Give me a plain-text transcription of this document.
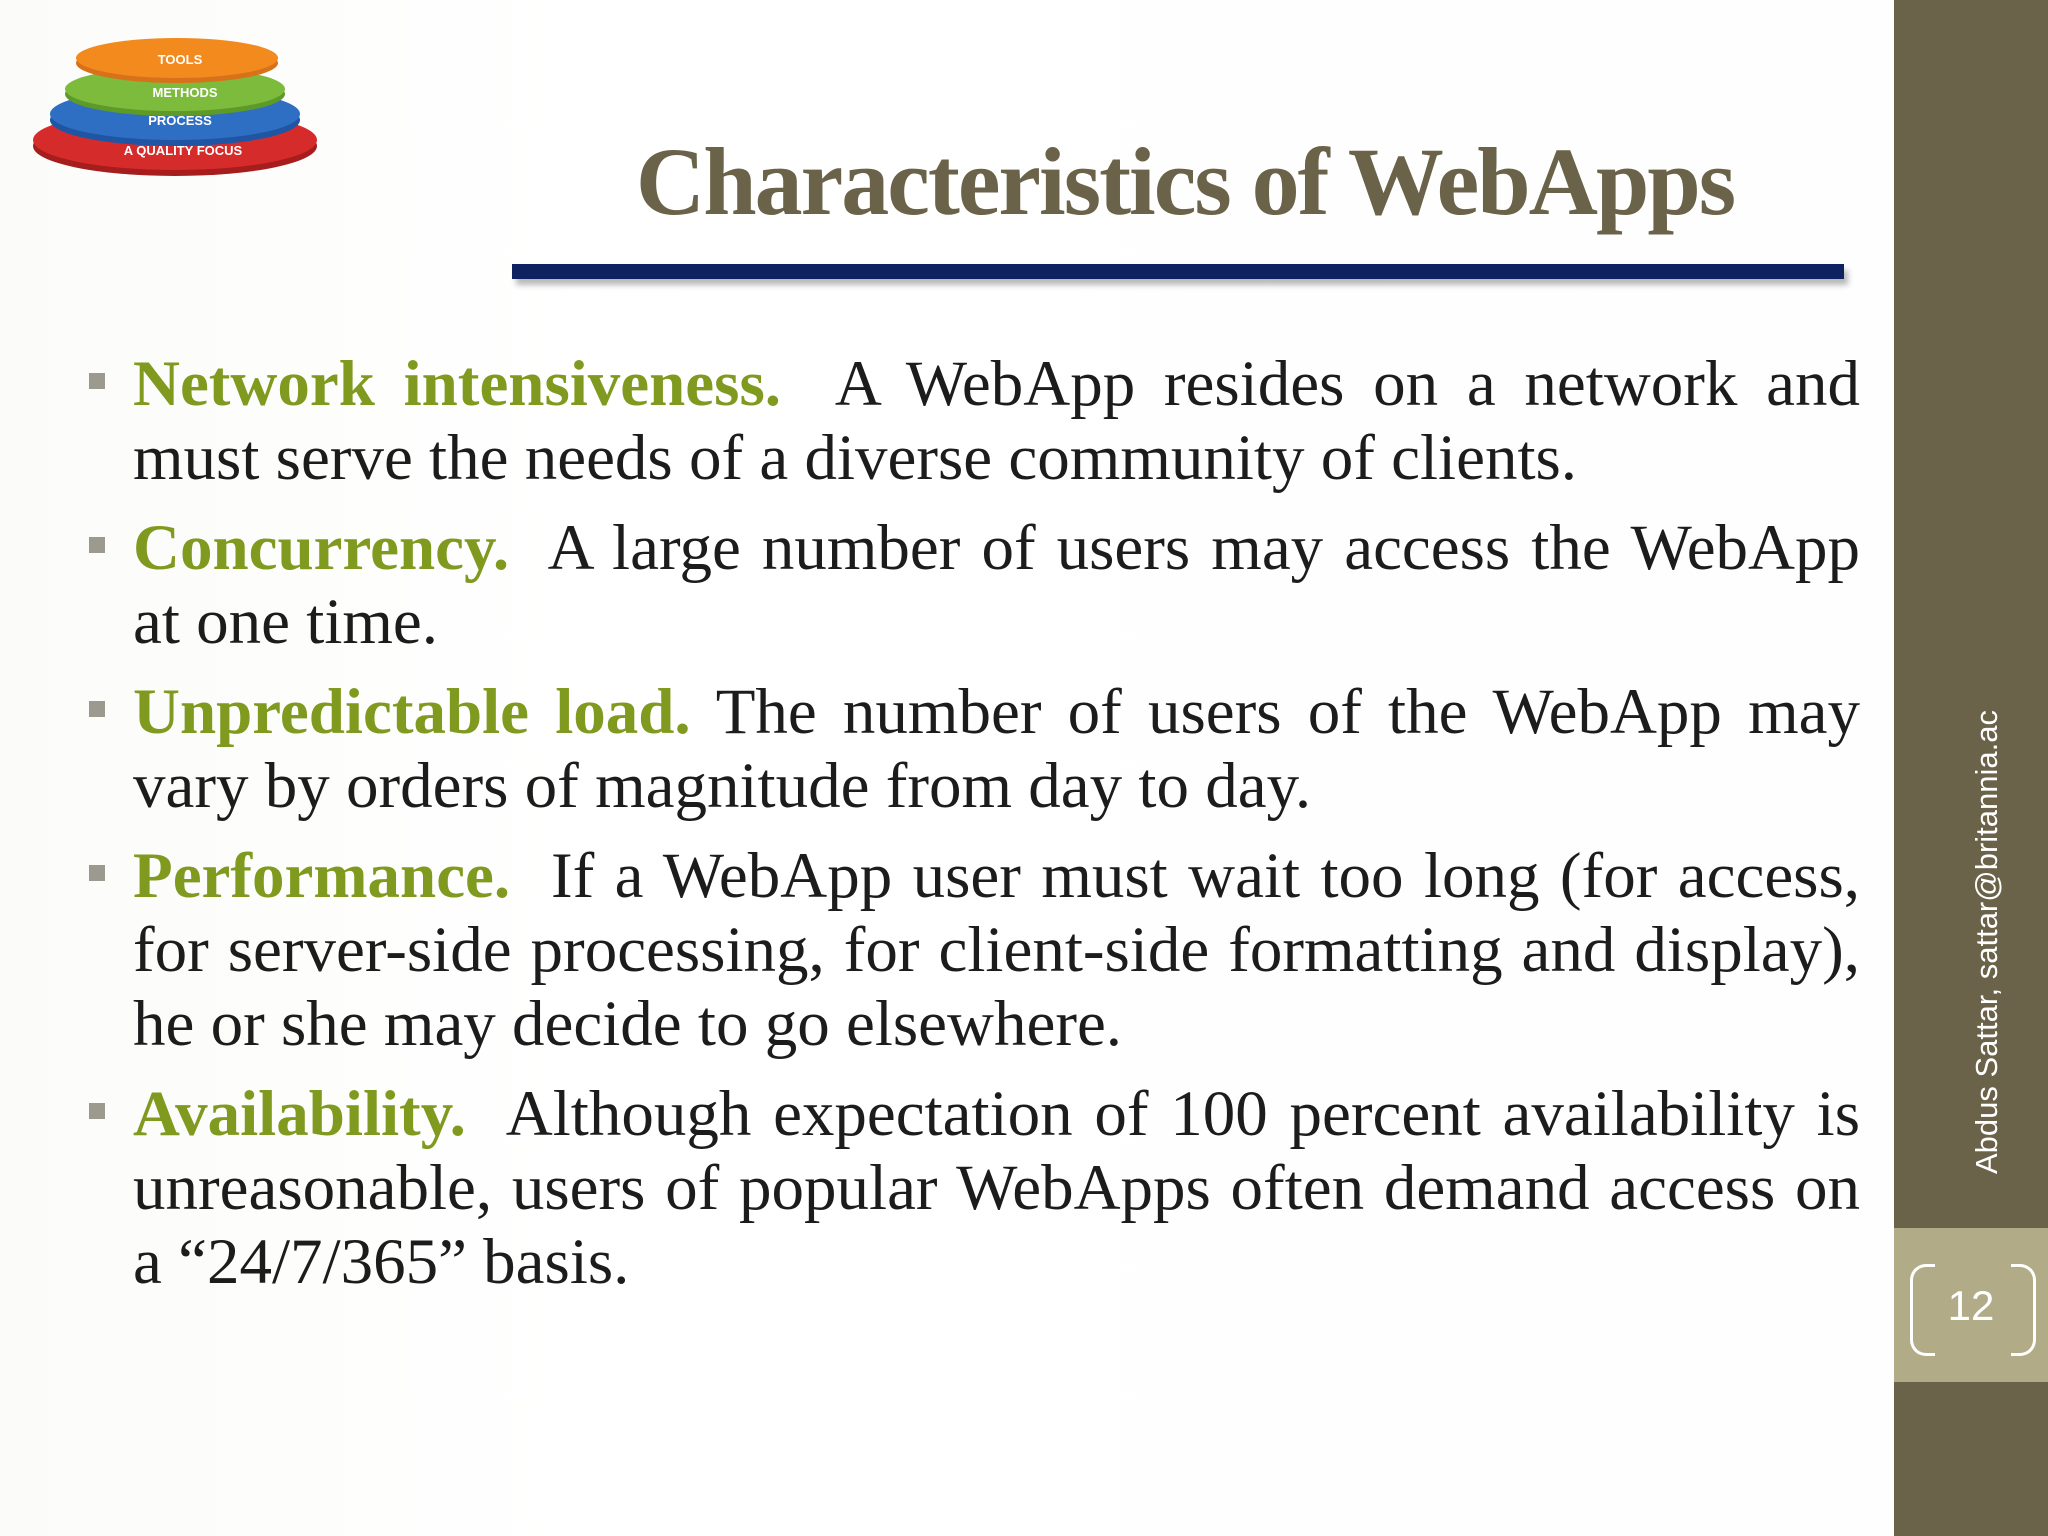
TOOLS
METHODS
PROCESS
A QUALITY FOCUS	Characteristics of WebApps
Network intensiveness. A WebApp resides on a network and must serve the needs of a diverse community of clients.
Concurrency. A large number of users may access the WebApp at one time.
Unpredictable load. The number of users of the WebApp may vary by orders of magnitude from day to day.
Performance. If a WebApp user must wait too long (for access, for server-side processing, for client-side formatting and display), he or she may decide to go elsewhere.
Availability. Although expectation of 100 percent availability is unreasonable, users of popular WebApps often demand access on a “24/7/365” basis.
12
Abdus Sattar, sattar@britannia.ac
